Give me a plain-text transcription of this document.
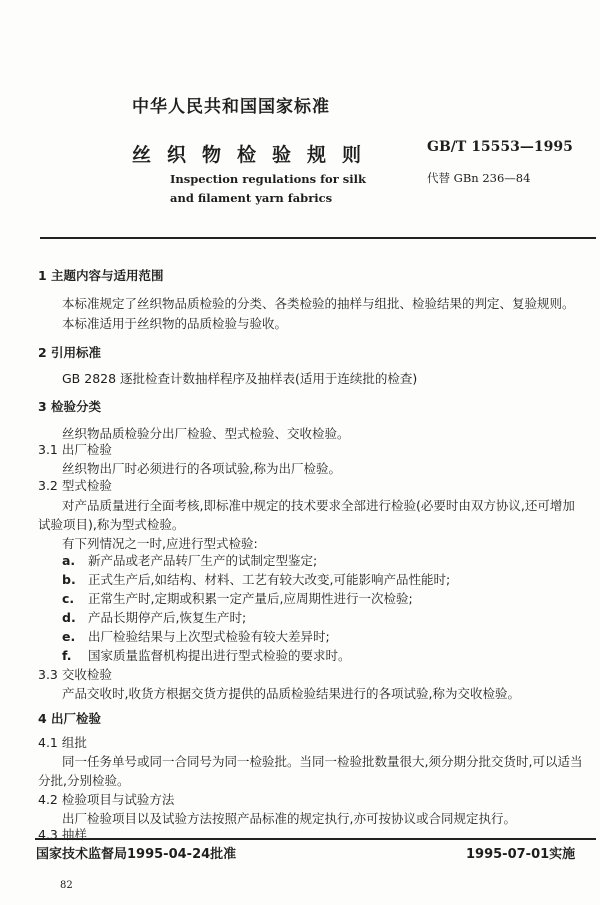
中华人民共和国国家标准
丝织物检验规则
Inspection regulations for silk
and filament yarn fabrics
GB/T 15553—1995
代替 GBn 236—84
1 主题内容与适用范围
本标准规定了丝织物品质检验的分类、各类检验的抽样与组批、检验结果的判定、复验规则。
本标准适用于丝织物的品质检验与验收。
2 引用标准
GB 2828 逐批检查计数抽样程序及抽样表(适用于连续批的检查)
3 检验分类
丝织物品质检验分出厂检验、型式检验、交收检验。
3.1 出厂检验
丝织物出厂时必须进行的各项试验,称为出厂检验。
3.2 型式检验
对产品质量进行全面考核,即标准中规定的技术要求全部进行检验(必要时由双方协议,还可增加
试验项目),称为型式检验。
有下列情况之一时,应进行型式检验:
a. 新产品或老产品转厂生产的试制定型鉴定;
b. 正式生产后,如结构、材料、工艺有较大改变,可能影响产品性能时;
c. 正常生产时,定期或积累一定产量后,应周期性进行一次检验;
d. 产品长期停产后,恢复生产时;
e. 出厂检验结果与上次型式检验有较大差异时;
f. 国家质量监督机构提出进行型式检验的要求时。
3.3 交收检验
产品交收时,收货方根据交货方提供的品质检验结果进行的各项试验,称为交收检验。
4 出厂检验
4.1 组批
同一任务单号或同一合同号为同一检验批。当同一检验批数量很大,须分期分批交货时,可以适当
分批,分别检验。
4.2 检验项目与试验方法
出厂检验项目以及试验方法按照产品标准的规定执行,亦可按协议或合同规定执行。
4.3 抽样
国家技术监督局1995-04-24批准	1995-07-01实施
82
